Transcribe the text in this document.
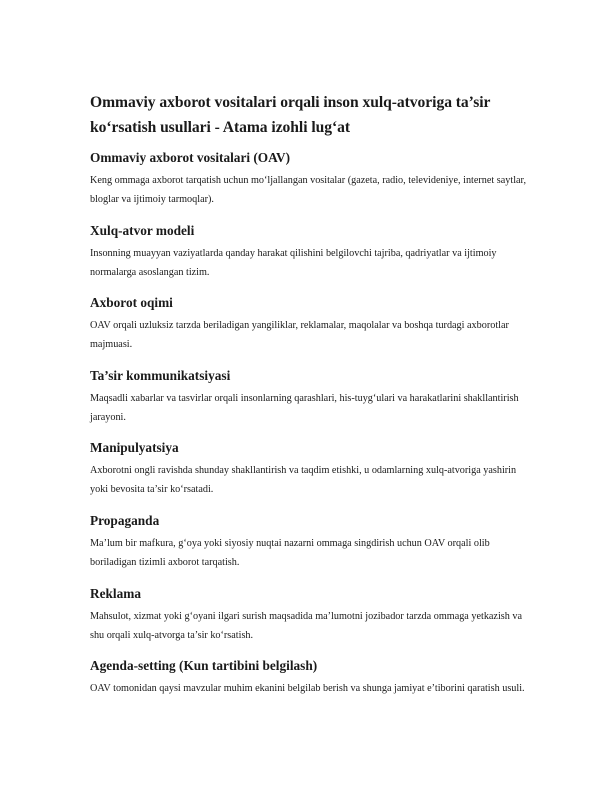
Ommaviy axborot vositalari orqali inson xulq-atvoriga ta’sir ko‘rsatish usullari - Atama izohli lug‘at
Ommaviy axborot vositalari (OAV)

Keng ommaga axborot tarqatish uchun mo‘ljallangan vositalar (gazeta, radio, televideniye, internet saytlar, bloglar va ijtimoiy tarmoqlar).

Xulq-atvor modeli

Insonning muayyan vaziyatlarda qanday harakat qilishini belgilovchi tajriba, qadriyatlar va ijtimoiy normalarga asoslangan tizim.

Axborot oqimi

OAV orqali uzluksiz tarzda beriladigan yangiliklar, reklamalar, maqolalar va boshqa turdagi axborotlar majmuasi.

Ta’sir kommunikatsiyasi

Maqsadli xabarlar va tasvirlar orqali insonlarning qarashlari, his-tuyg‘ulari va harakatlarini shakllantirish jarayoni.

Manipulyatsiya

Axborotni ongli ravishda shunday shakllantirish va taqdim etishki, u odamlarning xulq-atvoriga yashirin yoki bevosita ta’sir ko‘rsatadi.

Propaganda

Ma’lum bir mafkura, g‘oya yoki siyosiy nuqtai nazarni ommaga singdirish uchun OAV orqali olib boriladigan tizimli axborot tarqatish.

Reklama

Mahsulot, xizmat yoki g‘oyani ilgari surish maqsadida ma’lumotni jozibador tarzda ommaga yetkazish va shu orqali xulq-atvorga ta’sir ko‘rsatish.

Agenda-setting (Kun tartibini belgilash)

OAV tomonidan qaysi mavzular muhim ekanini belgilab berish va shunga jamiyat e’tiborini qaratish usuli.
